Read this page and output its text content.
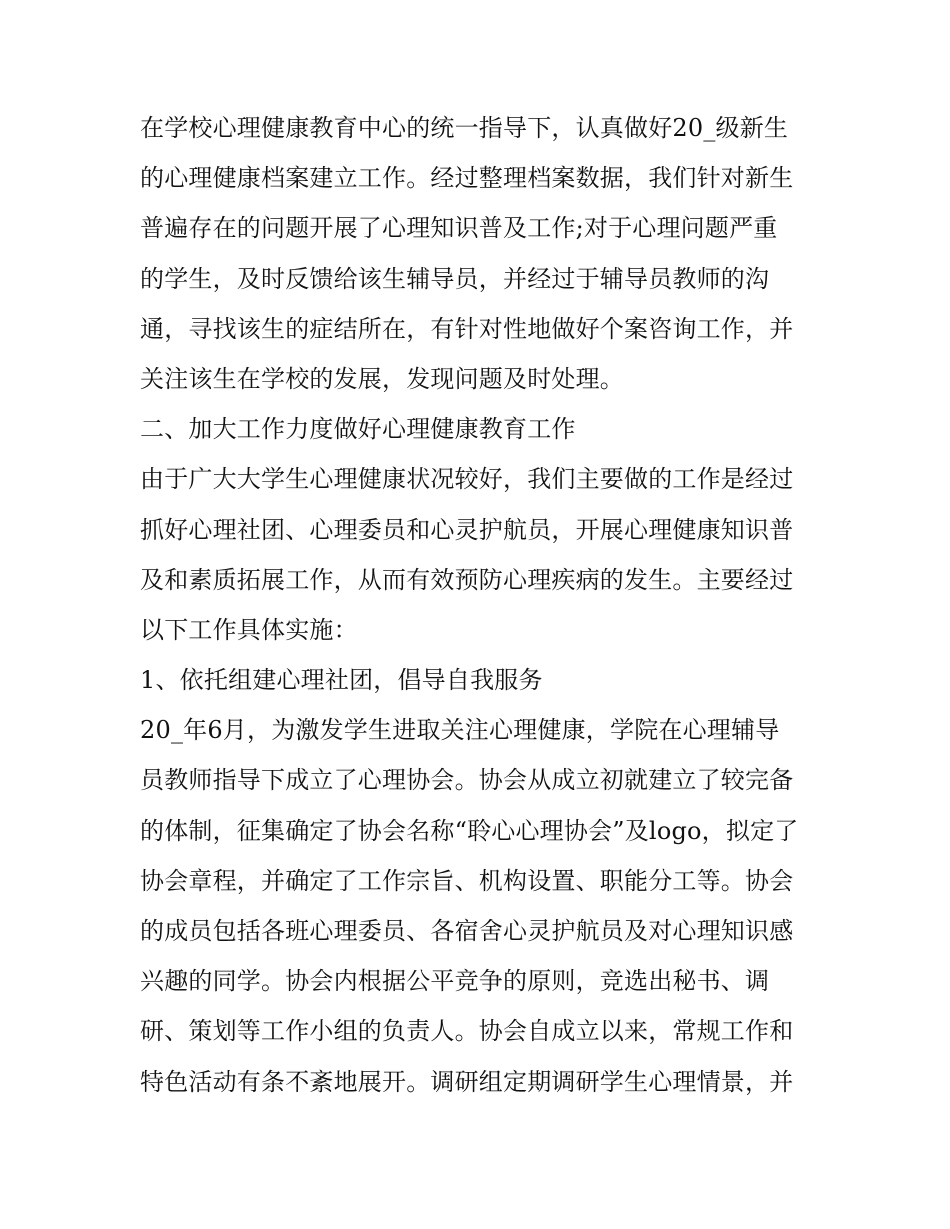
在学校心理健康教育中心的统一指导下，认真做好20_级新生
的心理健康档案建立工作。经过整理档案数据，我们针对新生
普遍存在的问题开展了心理知识普及工作;对于心理问题严重
的学生，及时反馈给该生辅导员，并经过于辅导员教师的沟
通，寻找该生的症结所在，有针对性地做好个案咨询工作，并
关注该生在学校的发展，发现问题及时处理。
二、加大工作力度做好心理健康教育工作
由于广大大学生心理健康状况较好，我们主要做的工作是经过
抓好心理社团、心理委员和心灵护航员，开展心理健康知识普
及和素质拓展工作，从而有效预防心理疾病的发生。主要经过
以下工作具体实施：
1、依托组建心理社团，倡导自我服务
20_年6月，为激发学生进取关注心理健康，学院在心理辅导
员教师指导下成立了心理协会。协会从成立初就建立了较完备
的体制，征集确定了协会名称“聆心心理协会”及logo，拟定了
协会章程，并确定了工作宗旨、机构设置、职能分工等。协会
的成员包括各班心理委员、各宿舍心灵护航员及对心理知识感
兴趣的同学。协会内根据公平竞争的原则，竞选出秘书、调
研、策划等工作小组的负责人。协会自成立以来，常规工作和
特色活动有条不紊地展开。调研组定期调研学生心理情景，并
